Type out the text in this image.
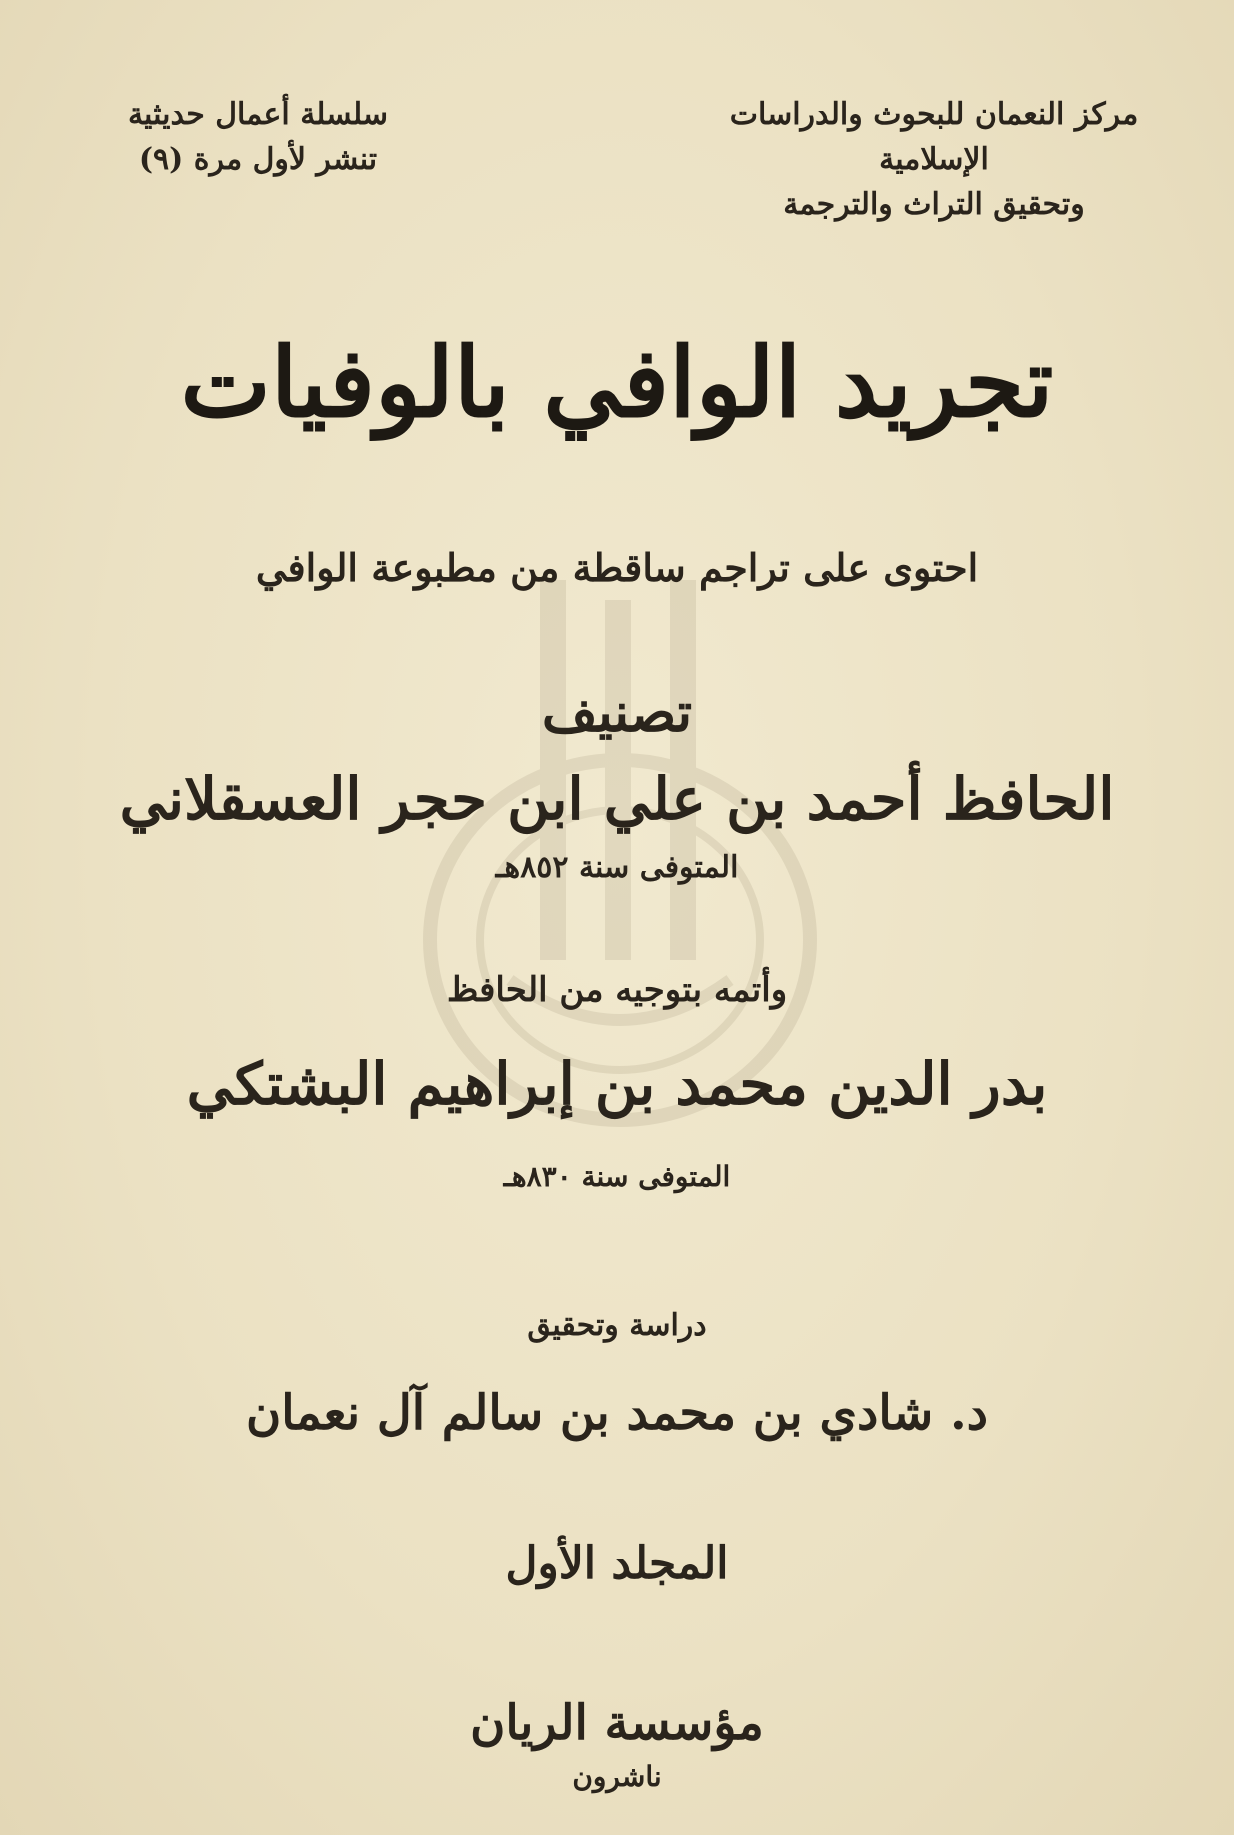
مركز النعمان للبحوث والدراسات الإسلامية
وتحقيق التراث والترجمة
سلسلة أعمال حديثية
تنشر لأول مرة (٩)
تجريد الوافي بالوفيات
احتوى على تراجم ساقطة من مطبوعة الوافي
تصنيف
الحافظ أحمد بن علي ابن حجر العسقلاني
المتوفى سنة ٨٥٢هـ
وأتمه بتوجيه من الحافظ
بدر الدين محمد بن إبراهيم البشتكي
المتوفى سنة ٨٣٠هـ
دراسة وتحقيق
د. شادي بن محمد بن سالم آل نعمان
المجلد الأول
مؤسسة الريان
ناشرون
